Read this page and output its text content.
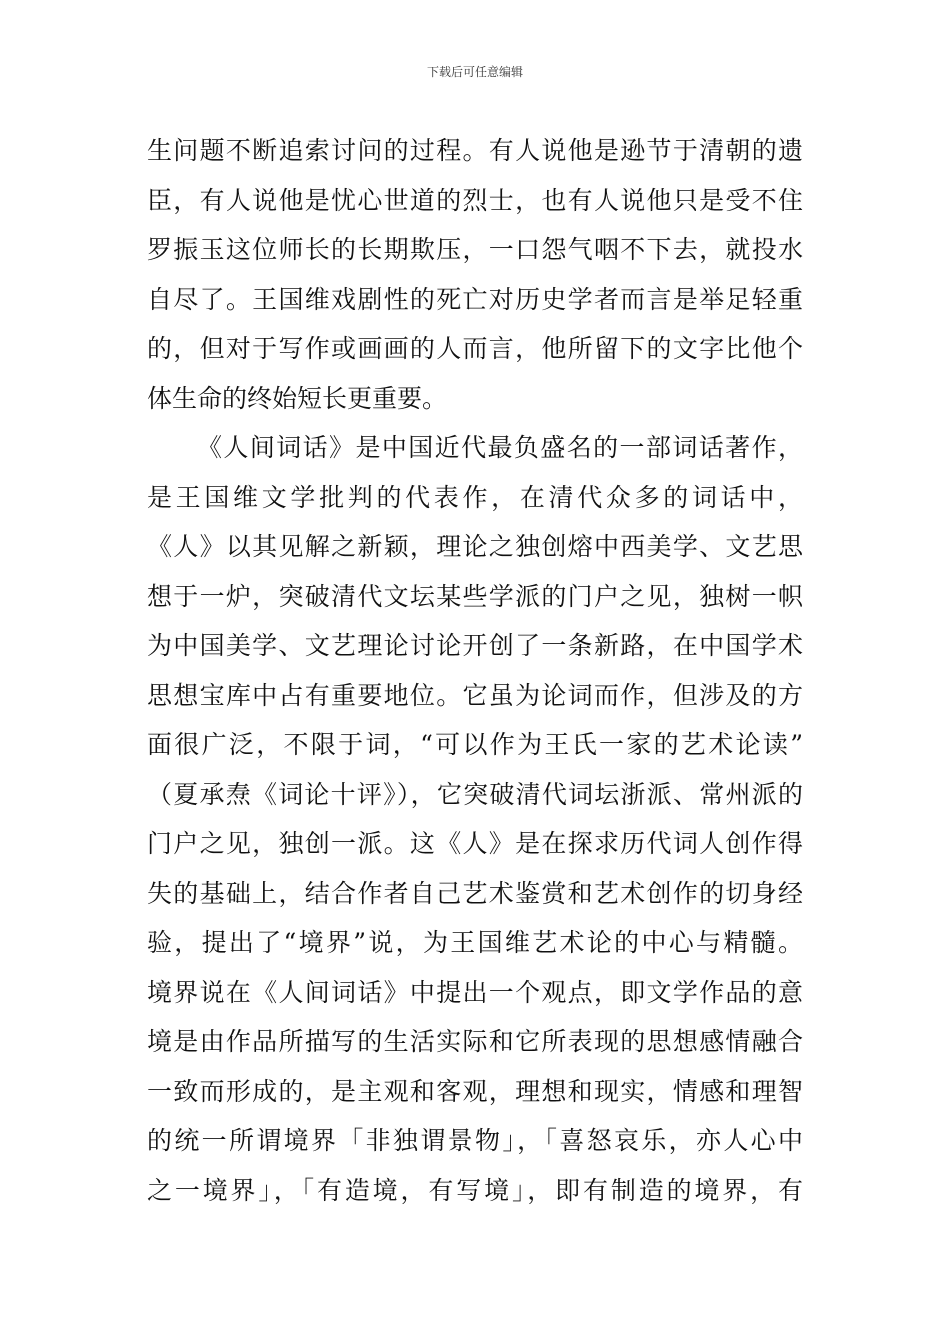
下载后可任意编辑
生问题不断追索讨问的过程。有人说他是逊节于清朝的遗
臣，有人说他是忧心世道的烈士，也有人说他只是受不住
罗振玉这位师长的长期欺压，一口怨气咽不下去，就投水
自尽了。王国维戏剧性的死亡对历史学者而言是举足轻重
的，但对于写作或画画的人而言，他所留下的文字比他个
体生命的终始短长更重要。
《人间词话》是中国近代最负盛名的一部词话著作，
是王国维文学批判的代表作，在清代众多的词话中，
《人》以其见解之新颖，理论之独创熔中西美学、文艺思
想于一炉，突破清代文坛某些学派的门户之见，独树一帜
为中国美学、文艺理论讨论开创了一条新路，在中国学术
思想宝库中占有重要地位。它虽为论词而作，但涉及的方
面很广泛，不限于词，“可以作为王氏一家的艺术论读”
（夏承焘《词论十评》），它突破清代词坛浙派、常州派的
门户之见，独创一派。这《人》是在探求历代词人创作得
失的基础上，结合作者自己艺术鉴赏和艺术创作的切身经
验，提出了“境界”说，为王国维艺术论的中心与精髓。
境界说在《人间词话》中提出一个观点，即文学作品的意
境是由作品所描写的生活实际和它所表现的思想感情融合
一致而形成的，是主观和客观，理想和现实，情感和理智
的统一所谓境界「非独谓景物」，「喜怒哀乐，亦人心中
之一境界」，「有造境，有写境」，即有制造的境界，有
